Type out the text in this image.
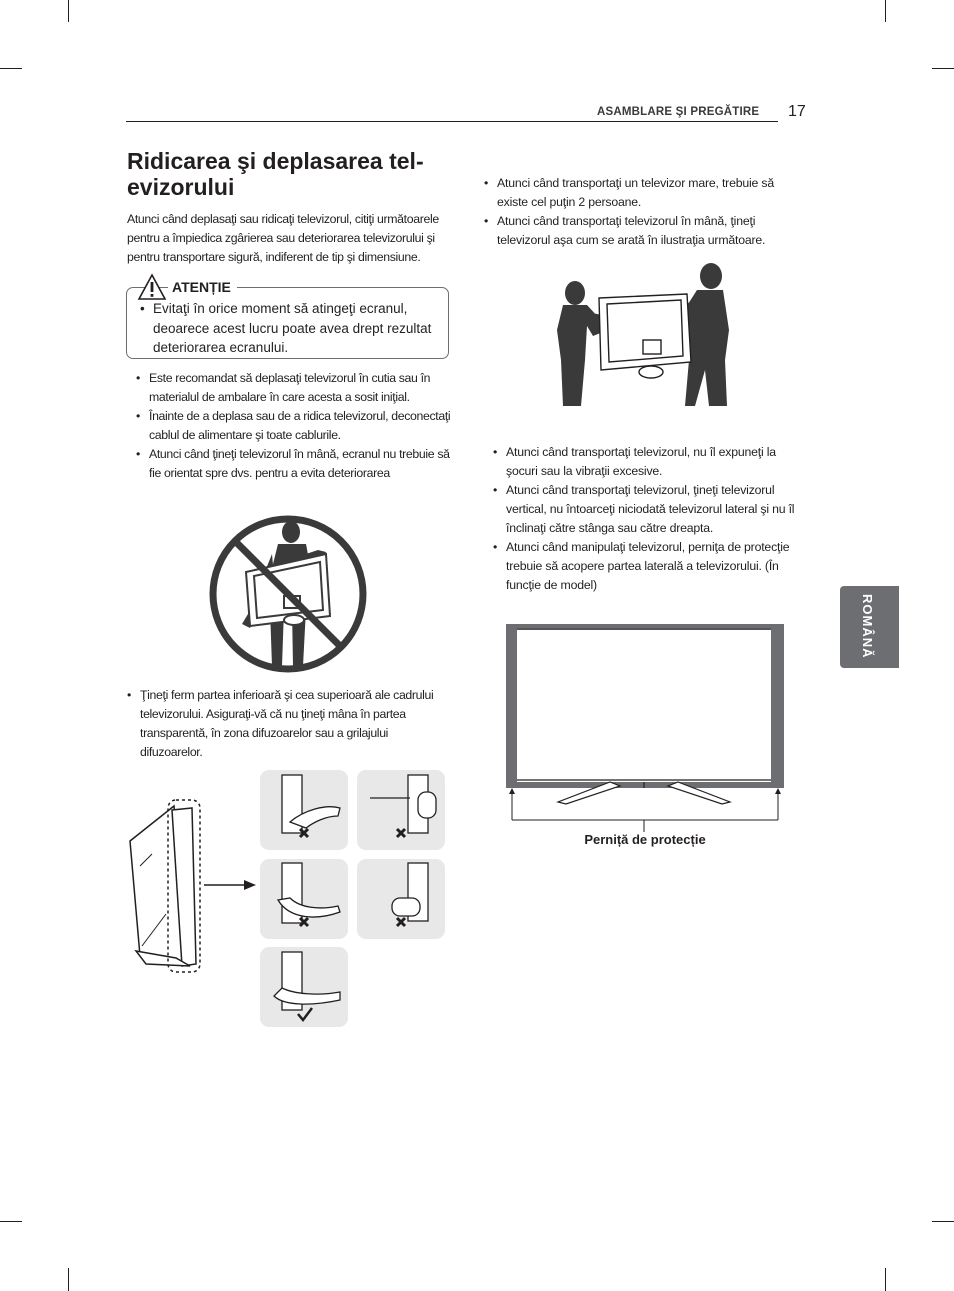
ASAMBLARE ŞI PREGĂTIRE 17
Ridicarea şi deplasarea tel-
evizorului
Atunci când deplasaţi sau ridicaţi televizorul, citiţi următoarele pentru a împiedica zgârierea sau deteriorarea televizorului şi pentru transportare sigură, indiferent de tip şi dimensiune.
ATENȚIE
• Evitaţi în orice moment să atingeţi ecranul, deoarece acest lucru poate avea drept rezultat deteriorarea ecranului.
• Este recomandat să deplasaţi televizorul în cutia sau în materialul de ambalare în care acesta a sosit iniţial.
• Înainte de a deplasa sau de a ridica televizorul, deconectaţi cablul de alimentare şi toate cablurile.
• Atunci când ţineţi televizorul în mână, ecranul nu trebuie să fie orientat spre dvs. pentru a evita deteriorarea
• Ţineţi ferm partea inferioară şi cea superioară ale cadrului televizorului. Asiguraţi-vă că nu ţineţi mâna în partea transparentă, în zona difuzoarelor sau a grilajului difuzoarelor.
• Atunci când transportaţi un televizor mare, trebuie să existe cel puţin 2 persoane.
• Atunci când transportaţi televizorul în mână, ţineţi televizorul aşa cum se arată în ilustraţia următoare.
• Atunci când transportaţi televizorul, nu îl expuneţi la şocuri sau la vibraţii excesive.
• Atunci când transportaţi televizorul, ţineţi televizorul vertical, nu întoarceţi niciodată televizorul lateral şi nu îl înclinaţi către stânga sau către dreapta.
• Atunci când manipulaţi televizorul, perniţa de protecţie trebuie să acopere partea laterală a televizorului. (În funcţie de model)
Perniță de protecție
ROMÂNĂ
